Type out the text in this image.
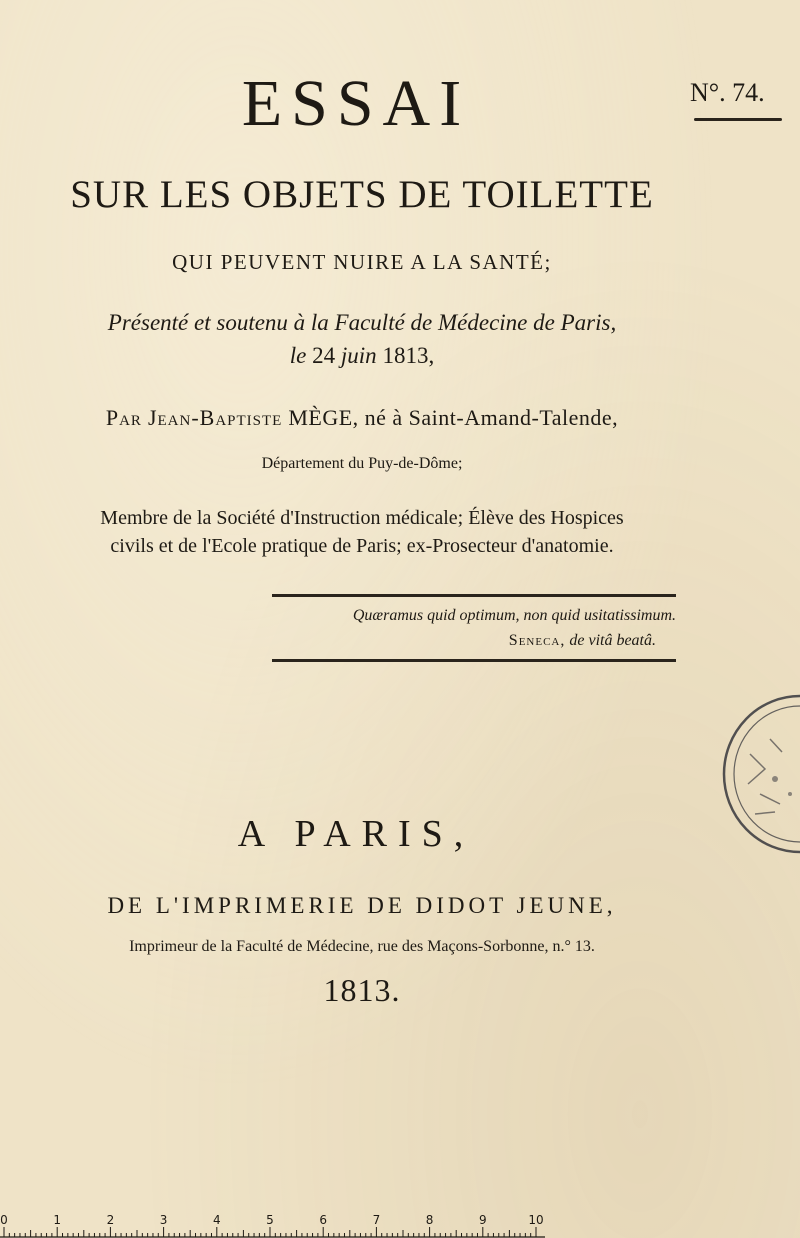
ESSAI	N°. 74.
SUR LES OBJETS DE TOILETTE
QUI PEUVENT NUIRE A LA SANTÉ;
Présenté et soutenu à la Faculté de Médecine de Paris,
le 24 juin 1813,
Par Jean-Baptiste MÈGE, né à Saint-Amand-Talende,
Département du Puy-de-Dôme;
Membre de la Société d'Instruction médicale; Élève des Hospices
civils et de l'Ecole pratique de Paris; ex-Prosecteur d'anatomie.
Quæramus quid optimum, non quid usitatissimum.
Seneca, de vitâ beatâ.
A PARIS,
DE L'IMPRIMERIE DE DIDOT JEUNE,
Imprimeur de la Faculté de Médecine, rue des Maçons-Sorbonne, n.° 13.
1813.
0	1	2	3	4	5	6	7	8	9	10
